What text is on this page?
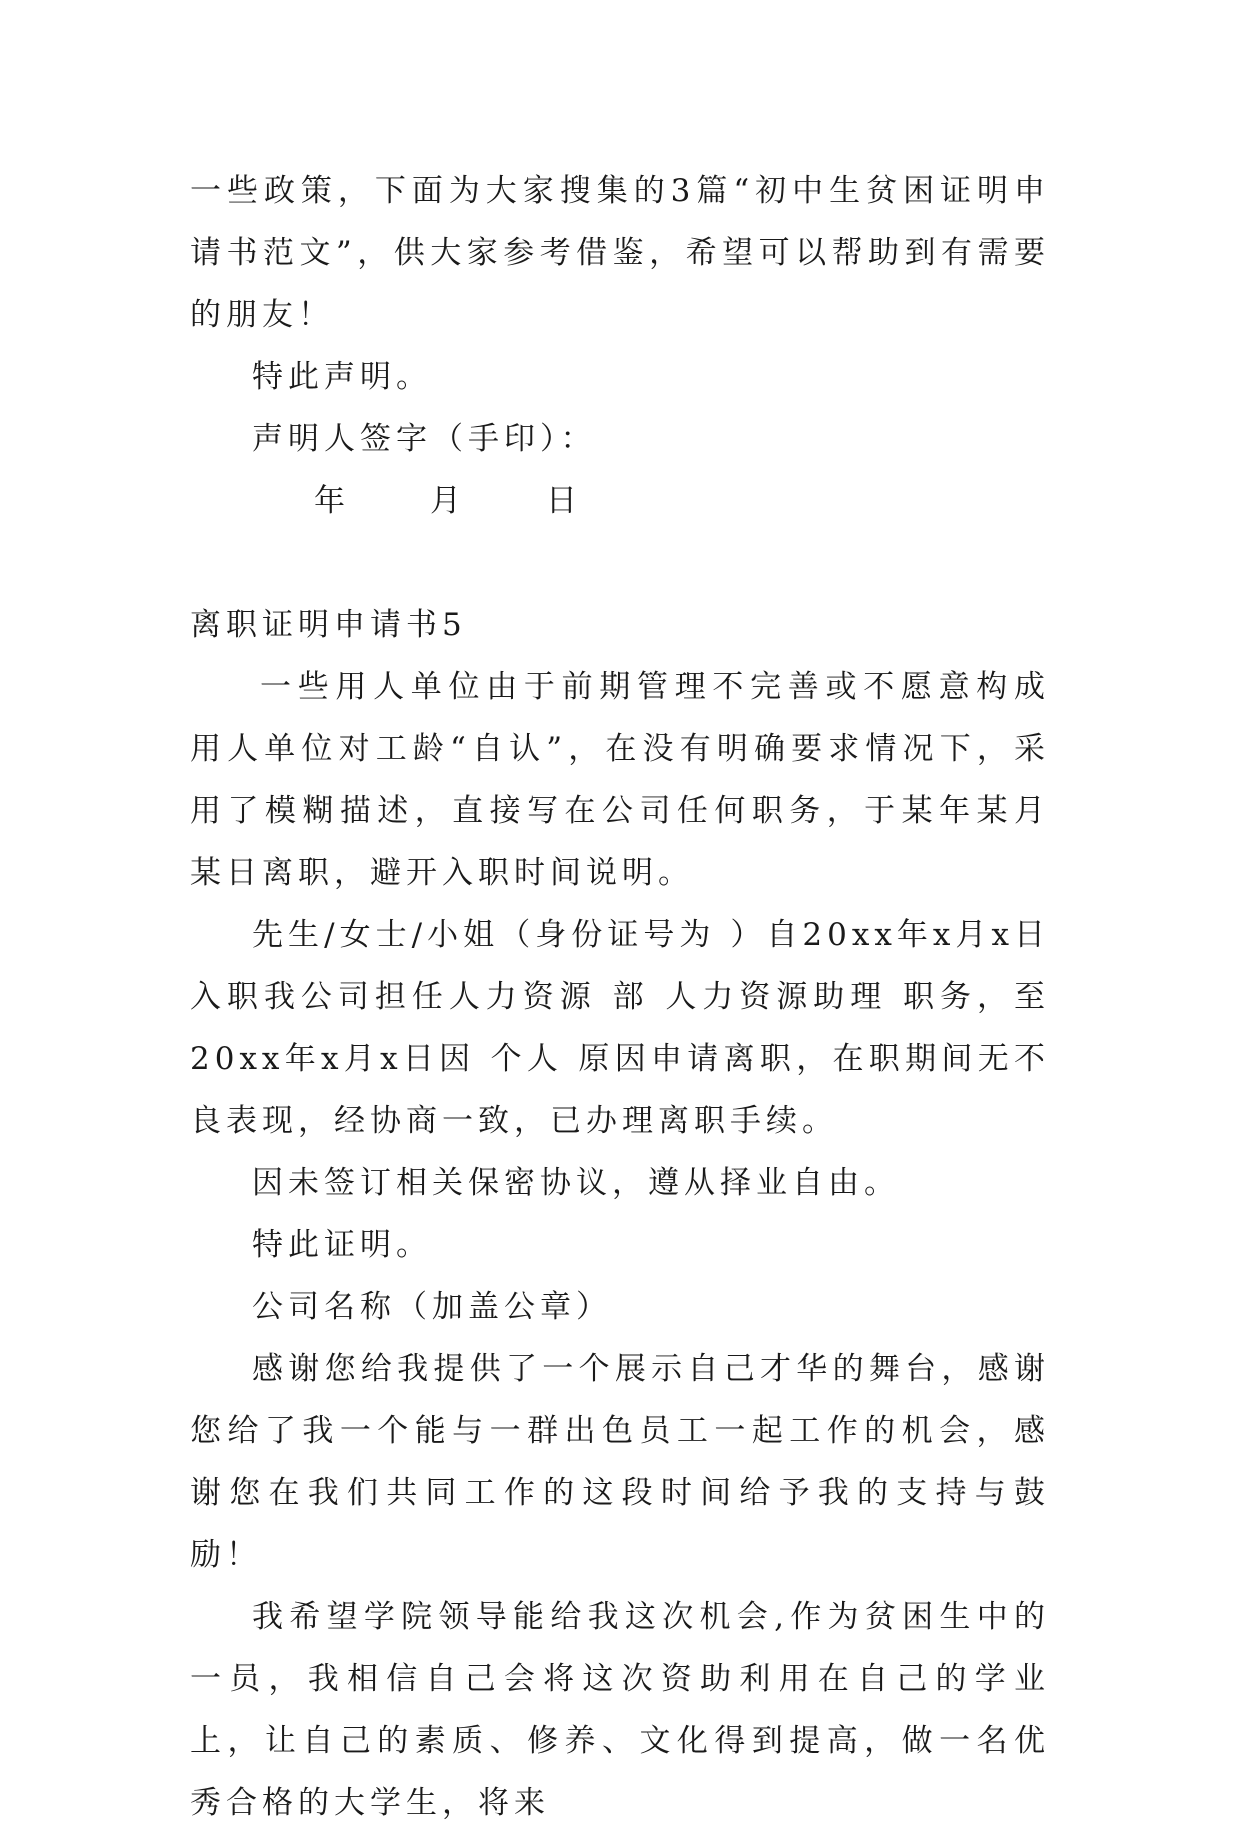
一些政策，下面为大家搜集的3篇“初中生贫困证明申请书范文”，供大家参考借鉴，希望可以帮助到有需要的朋友！

特此声明。

声明人签字（手印）：

年	月	日

离职证明申请书5

一些用人单位由于前期管理不完善或不愿意构成用人单位对工龄“自认”，在没有明确要求情况下，采用了模糊描述，直接写在公司任何职务，于某年某月某日离职，避开入职时间说明。

先生/女士/小姐（身份证号为 ）自20xx年x月x日入职我公司担任人力资源 部 人力资源助理 职务，至20xx年x月x日因 个人 原因申请离职，在职期间无不良表现，经协商一致，已办理离职手续。

因未签订相关保密协议，遵从择业自由。

特此证明。

公司名称（加盖公章）

感谢您给我提供了一个展示自己才华的舞台，感谢您给了我一个能与一群出色员工一起工作的机会，感谢您在我们共同工作的这段时间给予我的支持与鼓励！

我希望学院领导能给我这次机会,作为贫困生中的一员，我相信自己会将这次资助利用在自己的学业上，让自己的素质、修养、文化得到提高，做一名优秀合格的大学生，将来
